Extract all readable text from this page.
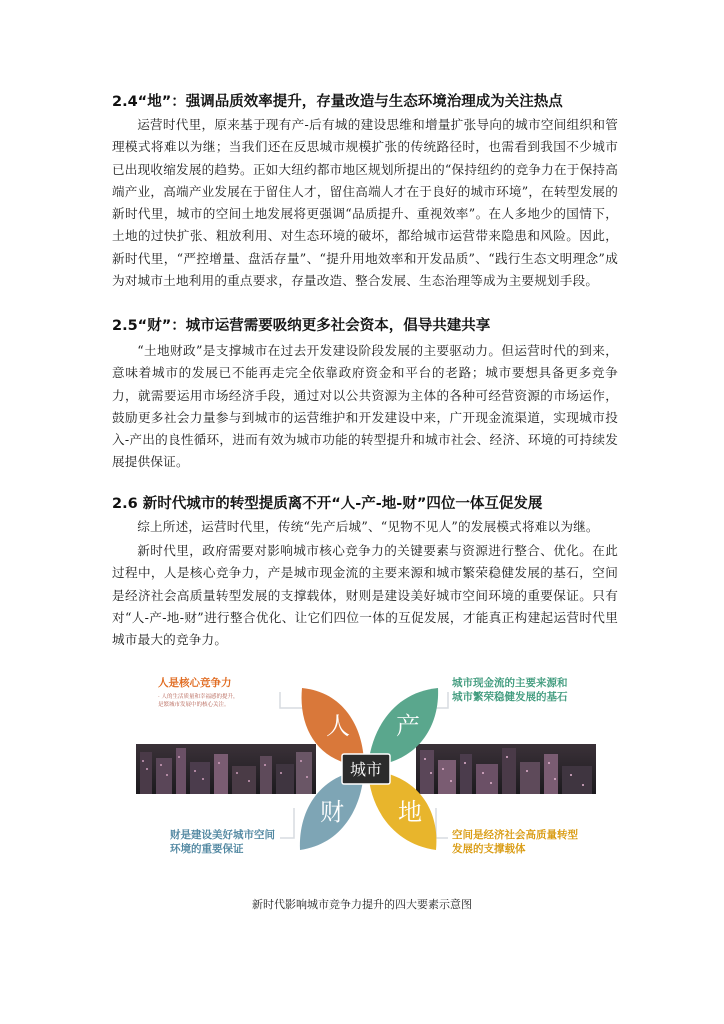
2.4“地”：强调品质效率提升，存量改造与生态环境治理成为关注热点
运营时代里，原来基于现有产-后有城的建设思维和增量扩张导向的城市空间组织和管理模式将难以为继；当我们还在反思城市规模扩张的传统路径时，也需看到我国不少城市已出现收缩发展的趋势。正如大纽约都市地区规划所提出的“保持纽约的竞争力在于保持高端产业，高端产业发展在于留住人才，留住高端人才在于良好的城市环境”，在转型发展的新时代里，城市的空间土地发展将更强调“品质提升、重视效率”。在人多地少的国情下，土地的过快扩张、粗放利用、对生态环境的破坏，都给城市运营带来隐患和风险。因此，新时代里，“严控增量、盘活存量”、“提升用地效率和开发品质”、“践行生态文明理念”成为对城市土地利用的重点要求，存量改造、整合发展、生态治理等成为主要规划手段。
2.5“财”：城市运营需要吸纳更多社会资本，倡导共建共享
“土地财政”是支撑城市在过去开发建设阶段发展的主要驱动力。但运营时代的到来，意味着城市的发展已不能再走完全依靠政府资金和平台的老路；城市要想具备更多竞争力，就需要运用市场经济手段，通过对以公共资源为主体的各种可经营资源的市场运作，鼓励更多社会力量参与到城市的运营维护和开发建设中来，广开现金流渠道，实现城市投入-产出的良性循环，进而有效为城市功能的转型提升和城市社会、经济、环境的可持续发展提供保证。
2.6 新时代城市的转型提质离不开“人-产-地-财”四位一体互促发展
综上所述，运营时代里，传统“先产后城”、“见物不见人”的发展模式将难以为继。
新时代里，政府需要对影响城市核心竞争力的关键要素与资源进行整合、优化。在此过程中，人是核心竞争力，产是城市现金流的主要来源和城市繁荣稳健发展的基石，空间是经济社会高质量转型发展的支撑载体，财则是建设美好城市空间环境的重要保证。只有对“人-产-地-财”进行整合优化、让它们四位一体的互促发展，才能真正构建起运营时代里城市最大的竞争力。
人 产
财 地
城市
人是核心竞争力
· 人的生活质量和幸福感的提升，
是繁城市发展中的核心关注。
城市现金流的主要来源和
城市繁荣稳健发展的基石
财是建设美好城市空间
环境的重要保证
空间是经济社会高质量转型
发展的支撑载体
新时代影响城市竞争力提升的四大要素示意图
